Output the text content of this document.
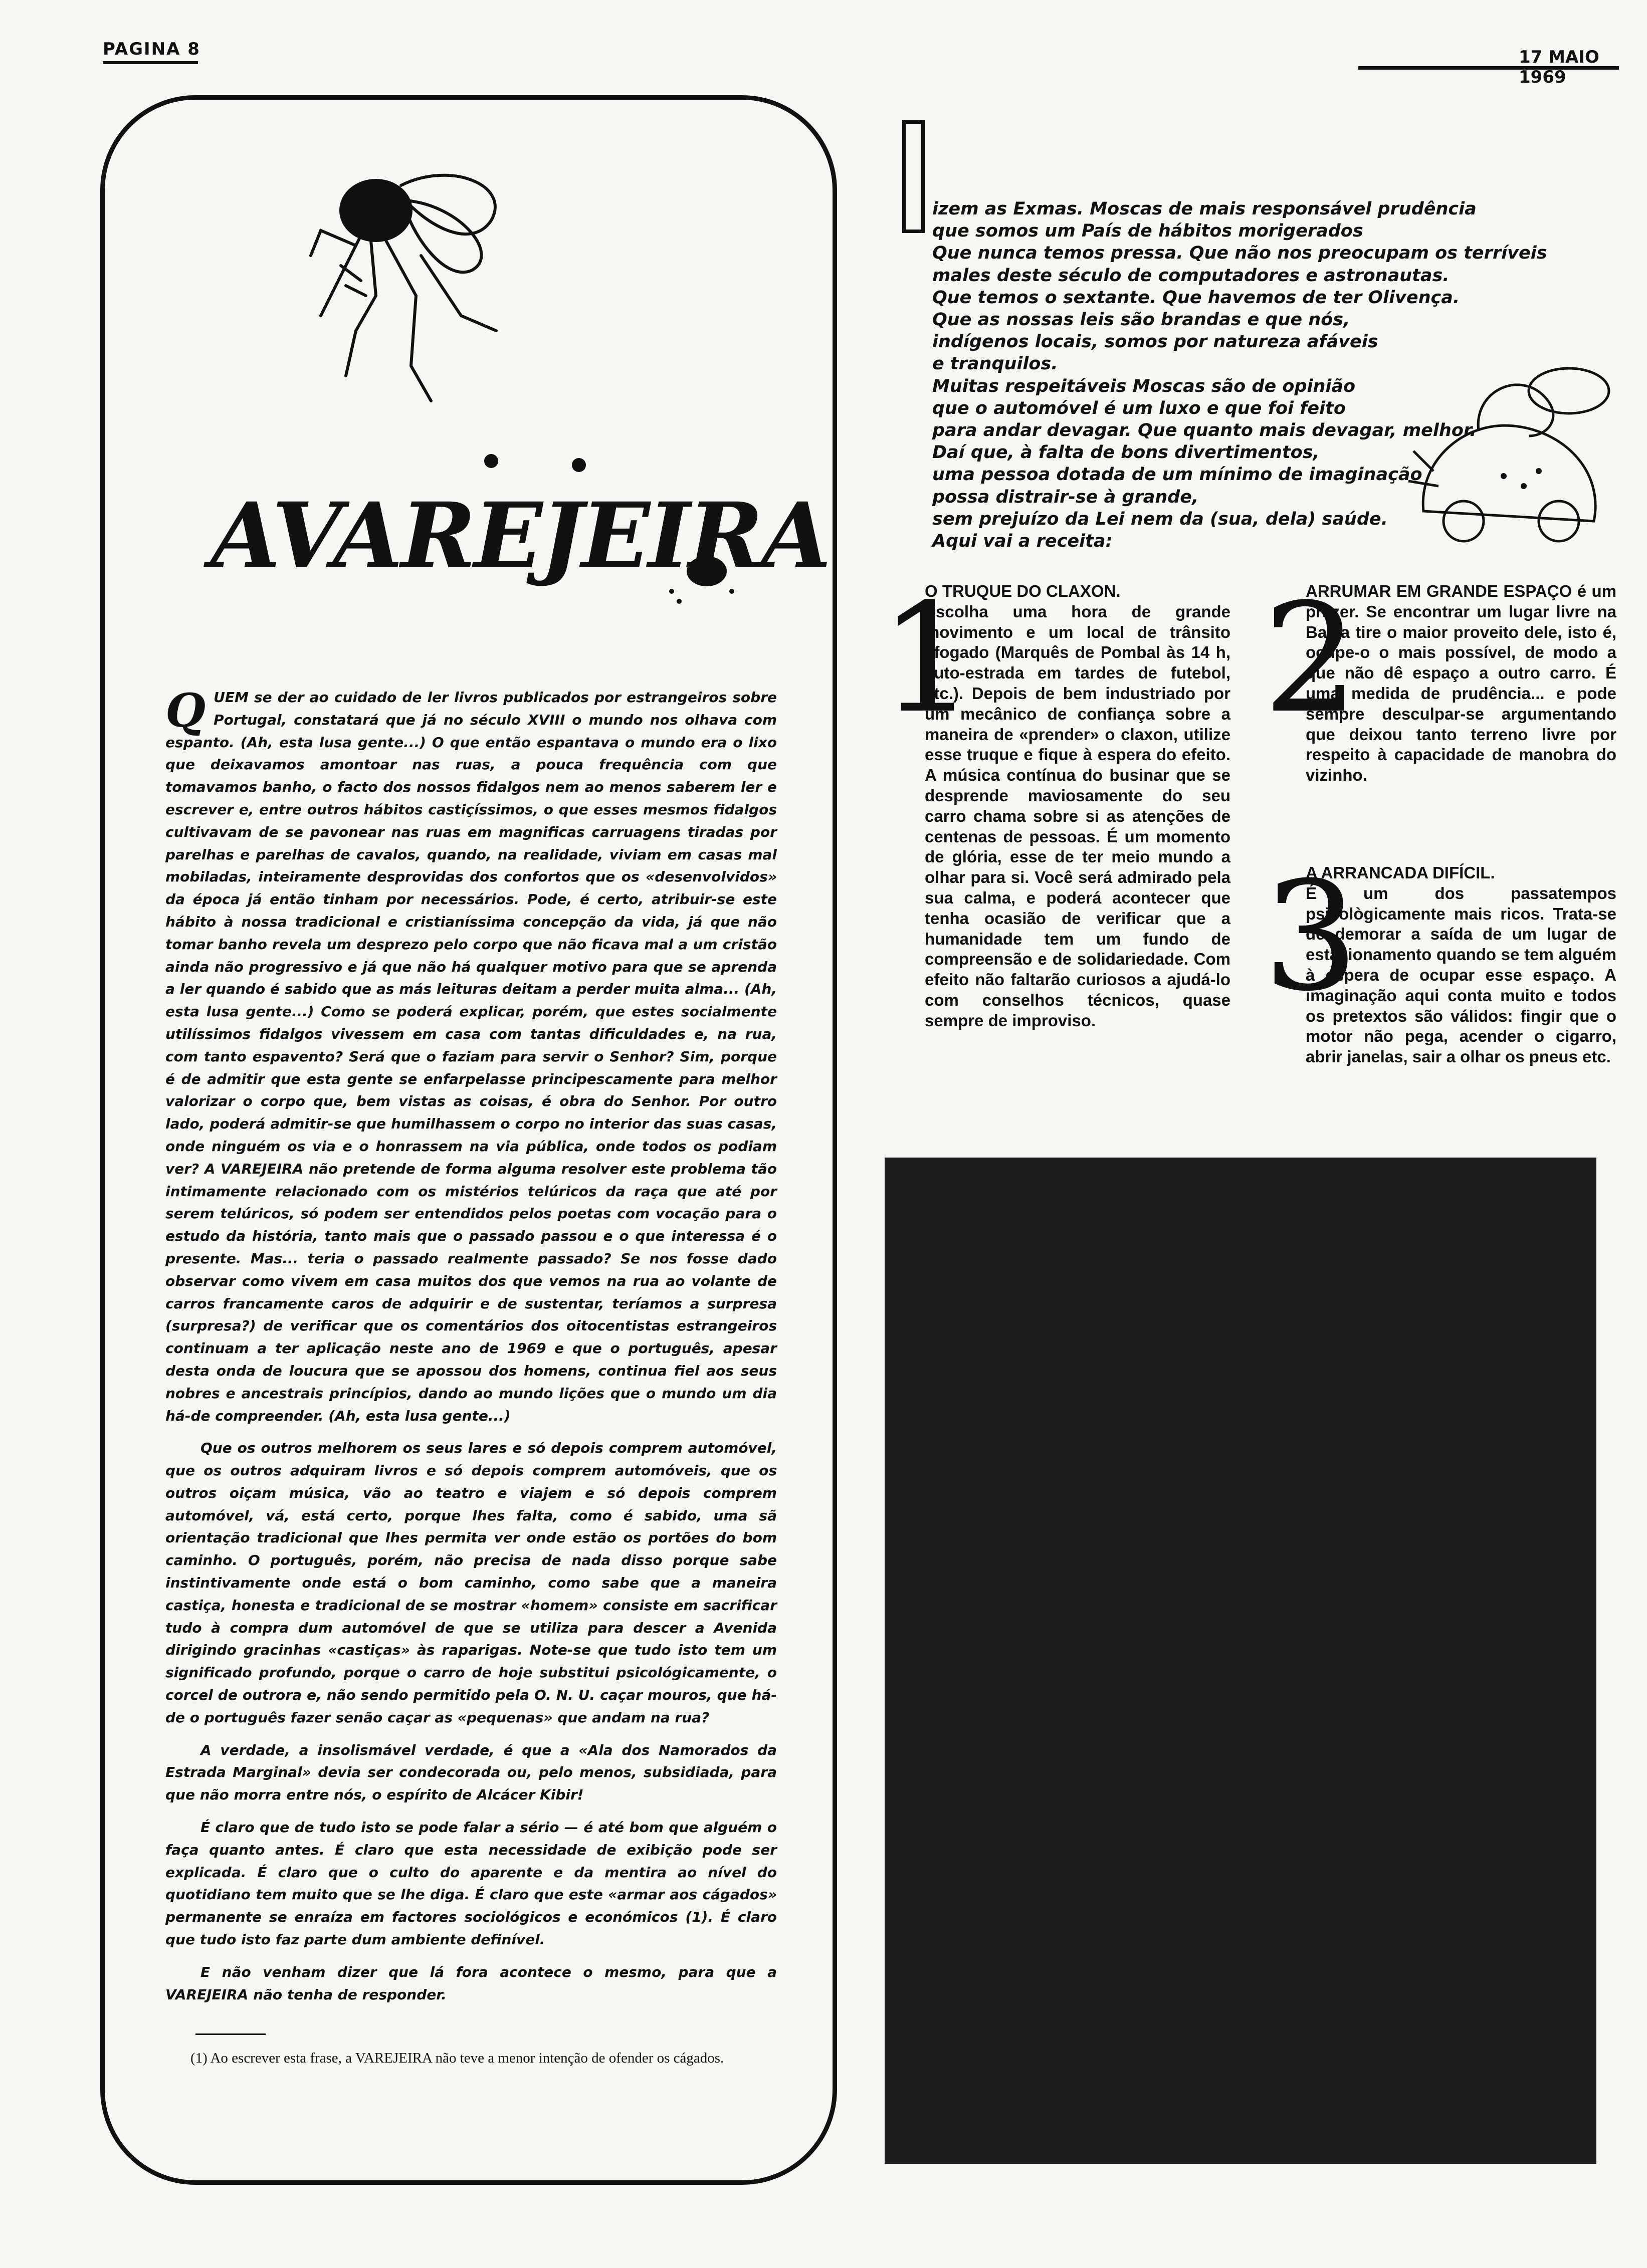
PAGINA 8	17 MAIO 1969
AVAREJEIRA

QUEM se der ao cuidado de ler livros publicados por estrangeiros sobre Portugal, constatará que já no século XVIII o mundo nos olhava com espanto. (Ah, esta lusa gente...) O que então espantava o mundo era o lixo que deixavamos amontoar nas ruas, a pouca frequência com que tomavamos banho, o facto dos nossos fidalgos nem ao menos saberem ler e escrever e, entre outros hábitos castiçíssimos, o que esses mesmos fidalgos cultivavam de se pavonear nas ruas em magnificas carruagens tiradas por parelhas e parelhas de cavalos, quando, na realidade, viviam em casas mal mobiladas, inteiramente desprovidas dos confortos que os «desenvolvidos» da época já então tinham por necessários. Pode, é certo, atribuir-se este hábito à nossa tradicional e cristianíssima concepção da vida, já que não tomar banho revela um desprezo pelo corpo que não ficava mal a um cristão ainda não progressivo e já que não há qualquer motivo para que se aprenda a ler quando é sabido que as más leituras deitam a perder muita alma... (Ah, esta lusa gente...) Como se poderá explicar, porém, que estes socialmente utilíssimos fidalgos vivessem em casa com tantas dificuldades e, na rua, com tanto espavento? Será que o faziam para servir o Senhor? Sim, porque é de admitir que esta gente se enfarpelasse principescamente para melhor valorizar o corpo que, bem vistas as coisas, é obra do Senhor. Por outro lado, poderá admitir-se que humilhassem o corpo no interior das suas casas, onde ninguém os via e o honrassem na via pública, onde todos os podiam ver? A VAREJEIRA não pretende de forma alguma resolver este problema tão intimamente relacionado com os mistérios telúricos da raça que até por serem telúricos, só podem ser entendidos pelos poetas com vocação para o estudo da história, tanto mais que o passado passou e o que interessa é o presente. Mas... teria o passado realmente passado? Se nos fosse dado observar como vivem em casa muitos dos que vemos na rua ao volante de carros francamente caros de adquirir e de sustentar, teríamos a surpresa (surpresa?) de verificar que os comentários dos oitocentistas estrangeiros continuam a ter aplicação neste ano de 1969 e que o português, apesar desta onda de loucura que se apossou dos homens, continua fiel aos seus nobres e ancestrais princípios, dando ao mundo lições que o mundo um dia há-de compreender. (Ah, esta lusa gente...)

Que os outros melhorem os seus lares e só depois comprem automóvel, que os outros adquiram livros e só depois comprem automóveis, que os outros oiçam música, vão ao teatro e viajem e só depois comprem automóvel, vá, está certo, porque lhes falta, como é sabido, uma sã orientação tradicional que lhes permita ver onde estão os portões do bom caminho. O português, porém, não precisa de nada disso porque sabe instintivamente onde está o bom caminho, como sabe que a maneira castiça, honesta e tradicional de se mostrar «homem» consiste em sacrificar tudo à compra dum automóvel de que se utiliza para descer a Avenida dirigindo gracinhas «castiças» às raparigas. Note-se que tudo isto tem um significado profundo, porque o carro de hoje substitui psicológicamente, o corcel de outrora e, não sendo permitido pela O. N. U. caçar mouros, que há-de o português fazer senão caçar as «pequenas» que andam na rua?

A verdade, a insolismável verdade, é que a «Ala dos Namorados da Estrada Marginal» devia ser condecorada ou, pelo menos, subsidiada, para que não morra entre nós, o espírito de Alcácer Kibir!

É claro que de tudo isto se pode falar a sério — é até bom que alguém o faça quanto antes. É claro que esta necessidade de exibição pode ser explicada. É claro que o culto do aparente e da mentira ao nível do quotidiano tem muito que se lhe diga. É claro que este «armar aos cágados» permanente se enraíza em factores sociológicos e económicos (1). É claro que tudo isto faz parte dum ambiente definível.

E não venham dizer que lá fora acontece o mesmo, para que a VAREJEIRA não tenha de responder.

(1) Ao escrever esta frase, a VAREJEIRA não teve a menor intenção de ofender os cágados.
izem as Exmas. Moscas de mais responsável prudência
que somos um País de hábitos morigerados
Que nunca temos pressa. Que não nos preocupam os terríveis
males deste século de computadores e astronautas.
Que temos o sextante. Que havemos de ter Olivença.
Que as nossas leis são brandas e que nós,
indígenos locais, somos por natureza afáveis
e tranquilos.
Muitas respeitáveis Moscas são de opinião
que o automóvel é um luxo e que foi feito
para andar devagar. Que quanto mais devagar, melhor.
Daí que, à falta de bons divertimentos,
uma pessoa dotada de um mínimo de imaginação
possa distrair-se à grande,
sem prejuízo da Lei nem da (sua, dela) saúde.
Aqui vai a receita:
1
O TRUQUE DO CLAXON.
Escolha uma hora de grande movimento e um local de trânsito afogado (Marquês de Pombal às 14 h, auto-estrada em tardes de futebol, etc.). Depois de bem industriado por um mecânico de confiança sobre a maneira de «prender» o claxon, utilize esse truque e fique à espera do efeito. A música contínua do businar que se desprende maviosamente do seu carro chama sobre si as atenções de centenas de pessoas. É um momento de glória, esse de ter meio mundo a olhar para si. Você será admirado pela sua calma, e poderá acontecer que tenha ocasião de verificar que a humanidade tem um fundo de compreensão e de solidariedade. Com efeito não faltarão curiosos a ajudá-lo com conselhos técnicos, quase sempre de improviso.
2
ARRUMAR EM GRANDE ESPAÇO é um prazer. Se encontrar um lugar livre na Baixa tire o maior proveito dele, isto é, ocupe-o o mais possível, de modo a que não dê espaço a outro carro. É uma medida de prudência... e pode sempre desculpar-se argumentando que deixou tanto terreno livre por respeito à capacidade de manobra do vizinho.
3
A ARRANCADA DIFÍCIL.
É um dos passatempos psicològicamente mais ricos. Trata-se de demorar a saída de um lugar de estacionamento quando se tem alguém à espera de ocupar esse espaço. A imaginação aqui conta muito e todos os pretextos são válidos: fingir que o motor não pega, acender o cigarro, abrir janelas, sair a olhar os pneus etc.
